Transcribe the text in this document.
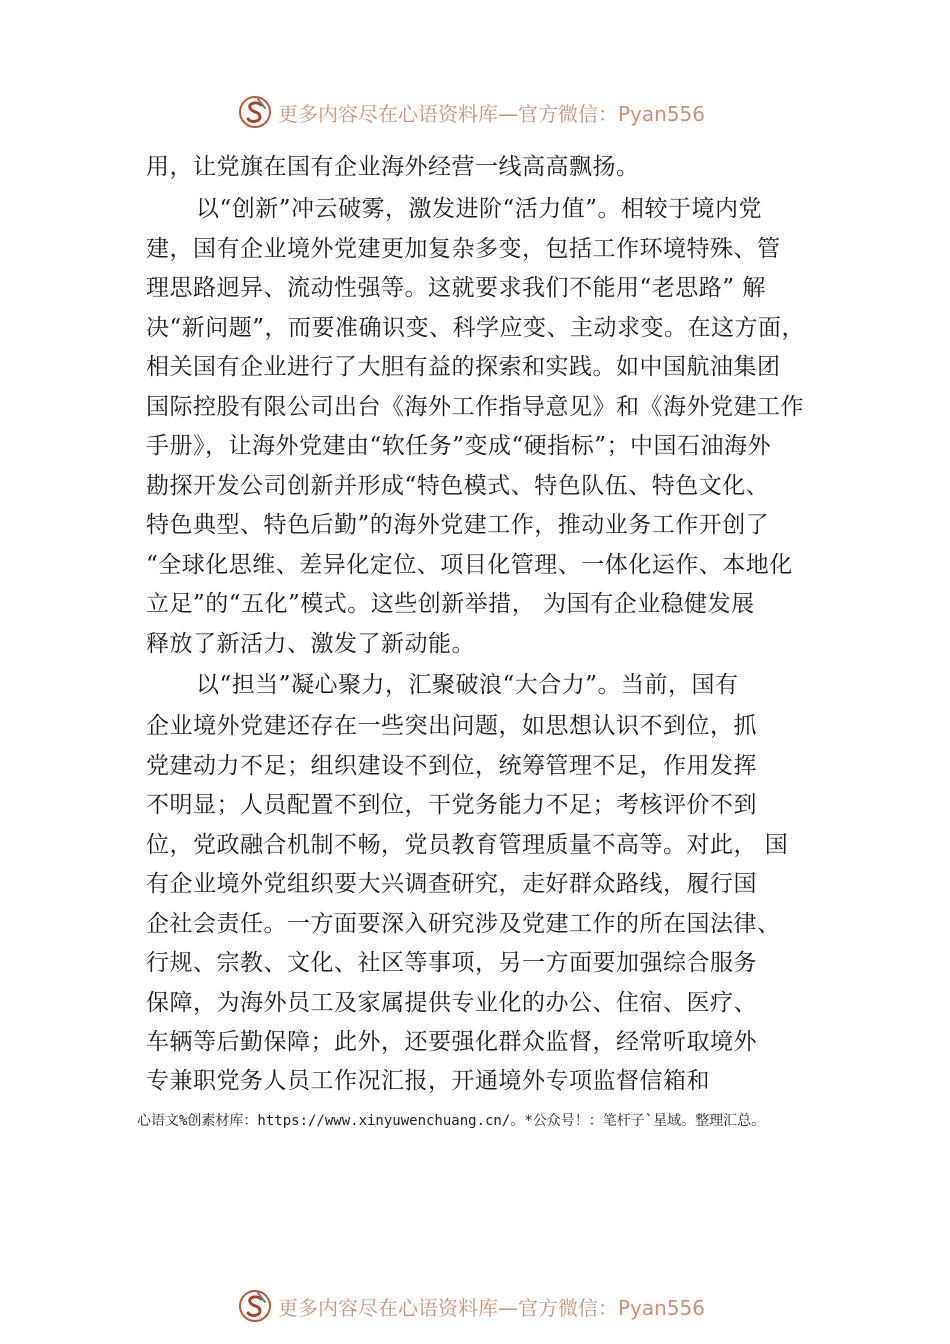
更多内容尽在心语资料库—官方微信：Pyan556
用，让党旗在国有企业海外经营一线高高飘扬。
以“创新”冲云破雾，激发进阶“活力值”。相较于境内党
建，国有企业境外党建更加复杂多变，包括工作环境特殊、管
理思路迥异、流动性强等。这就要求我们不能用“老思路” 解
决“新问题”，而要准确识变、科学应变、主动求变。在这方面，
相关国有企业进行了大胆有益的探索和实践。如中国航油集团
国际控股有限公司出台《海外工作指导意见》和《海外党建工作
手册》，让海外党建由“软任务”变成“硬指标”；中国石油海外
勘探开发公司创新并形成“特色模式、特色队伍、特色文化、
特色典型、特色后勤”的海外党建工作，推动业务工作开创了
“全球化思维、差异化定位、项目化管理、一体化运作、本地化
立足”的“五化”模式。这些创新举措， 为国有企业稳健发展
释放了新活力、激发了新动能。
以“担当”凝心聚力，汇聚破浪“大合力”。当前，国有
企业境外党建还存在一些突出问题，如思想认识不到位，抓
党建动力不足；组织建设不到位，统筹管理不足，作用发挥
不明显；人员配置不到位，干党务能力不足；考核评价不到
位，党政融合机制不畅，党员教育管理质量不高等。对此， 国
有企业境外党组织要大兴调查研究，走好群众路线，履行国
企社会责任。一方面要深入研究涉及党建工作的所在国法律、
行规、宗教、文化、社区等事项，另一方面要加强综合服务
保障，为海外员工及家属提供专业化的办公、住宿、医疗、
车辆等后勤保障；此外，还要强化群众监督，经常听取境外
专兼职党务人员工作况汇报，开通境外专项监督信箱和
心语文%创素材库：https://www.xinyuwenchuang.cn/。*公众号！：笔杆子`星域。整理汇总。
更多内容尽在心语资料库—官方微信：Pyan556
